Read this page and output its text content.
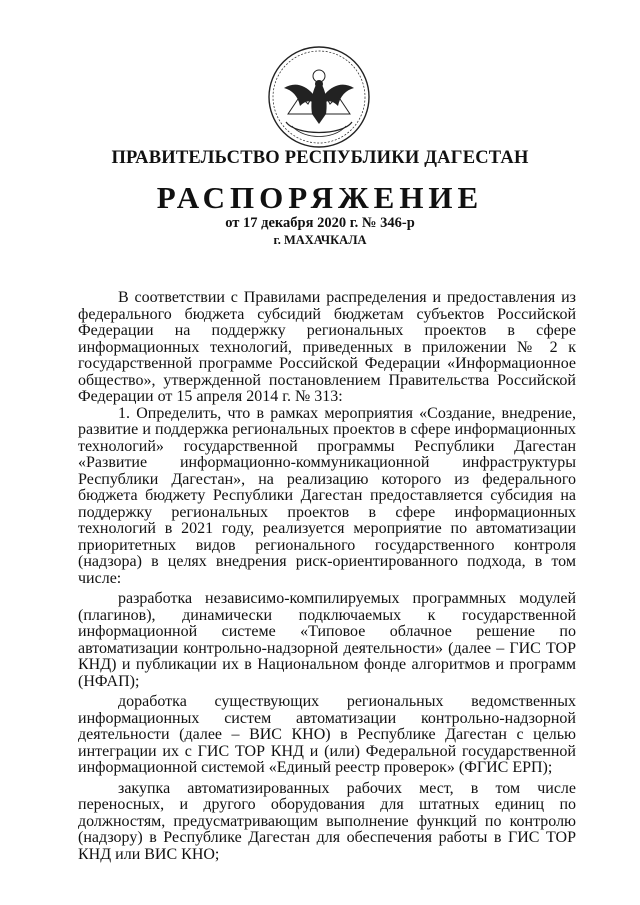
ПРАВИТЕЛЬСТВО РЕСПУБЛИКИ ДАГЕСТАН
РАСПОРЯЖЕНИЕ
от 17 декабря 2020 г. № 346-р
г. МАХАЧКАЛА

В соответствии с Правилами распределения и предоставления из федерального бюджета субсидий бюджетам субъектов Российской Федерации на поддержку региональных проектов в сфере информационных технологий, приведенных в приложении № 2 к государственной программе Российской Федерации «Информационное общество», утвержденной постановлением Правительства Российской Федерации от 15 апреля 2014 г. № 313:

1. Определить, что в рамках мероприятия «Создание, внедрение, развитие и поддержка региональных проектов в сфере информационных технологий» государственной программы Республики Дагестан «Развитие информационно-коммуникационной инфраструктуры Республики Дагестан», на реализацию которого из федерального бюджета бюджету Республики Дагестан предоставляется субсидия на поддержку региональных проектов в сфере информационных технологий в 2021 году, реализуется мероприятие по автоматизации приоритетных видов регионального государственного контроля (надзора) в целях внедрения риск-ориентированного подхода, в том числе:

разработка независимо-компилируемых программных модулей (плагинов), динамически подключаемых к государственной информационной системе «Типовое облачное решение по автоматизации контрольно-надзорной деятельности» (далее – ГИС ТОР КНД) и публикации их в Национальном фонде алгоритмов и программ (НФАП);

доработка существующих региональных ведомственных информационных систем автоматизации контрольно-надзорной деятельности (далее – ВИС КНО) в Республике Дагестан с целью интеграции их с ГИС ТОР КНД и (или) Федеральной государственной информационной системой «Единый реестр проверок» (ФГИС ЕРП);

закупка автоматизированных рабочих мест, в том числе переносных, и другого оборудования для штатных единиц по должностям, предусматривающим выполнение функций по контролю (надзору) в Республике Дагестан для обеспечения работы в ГИС ТОР КНД или ВИС КНО;
